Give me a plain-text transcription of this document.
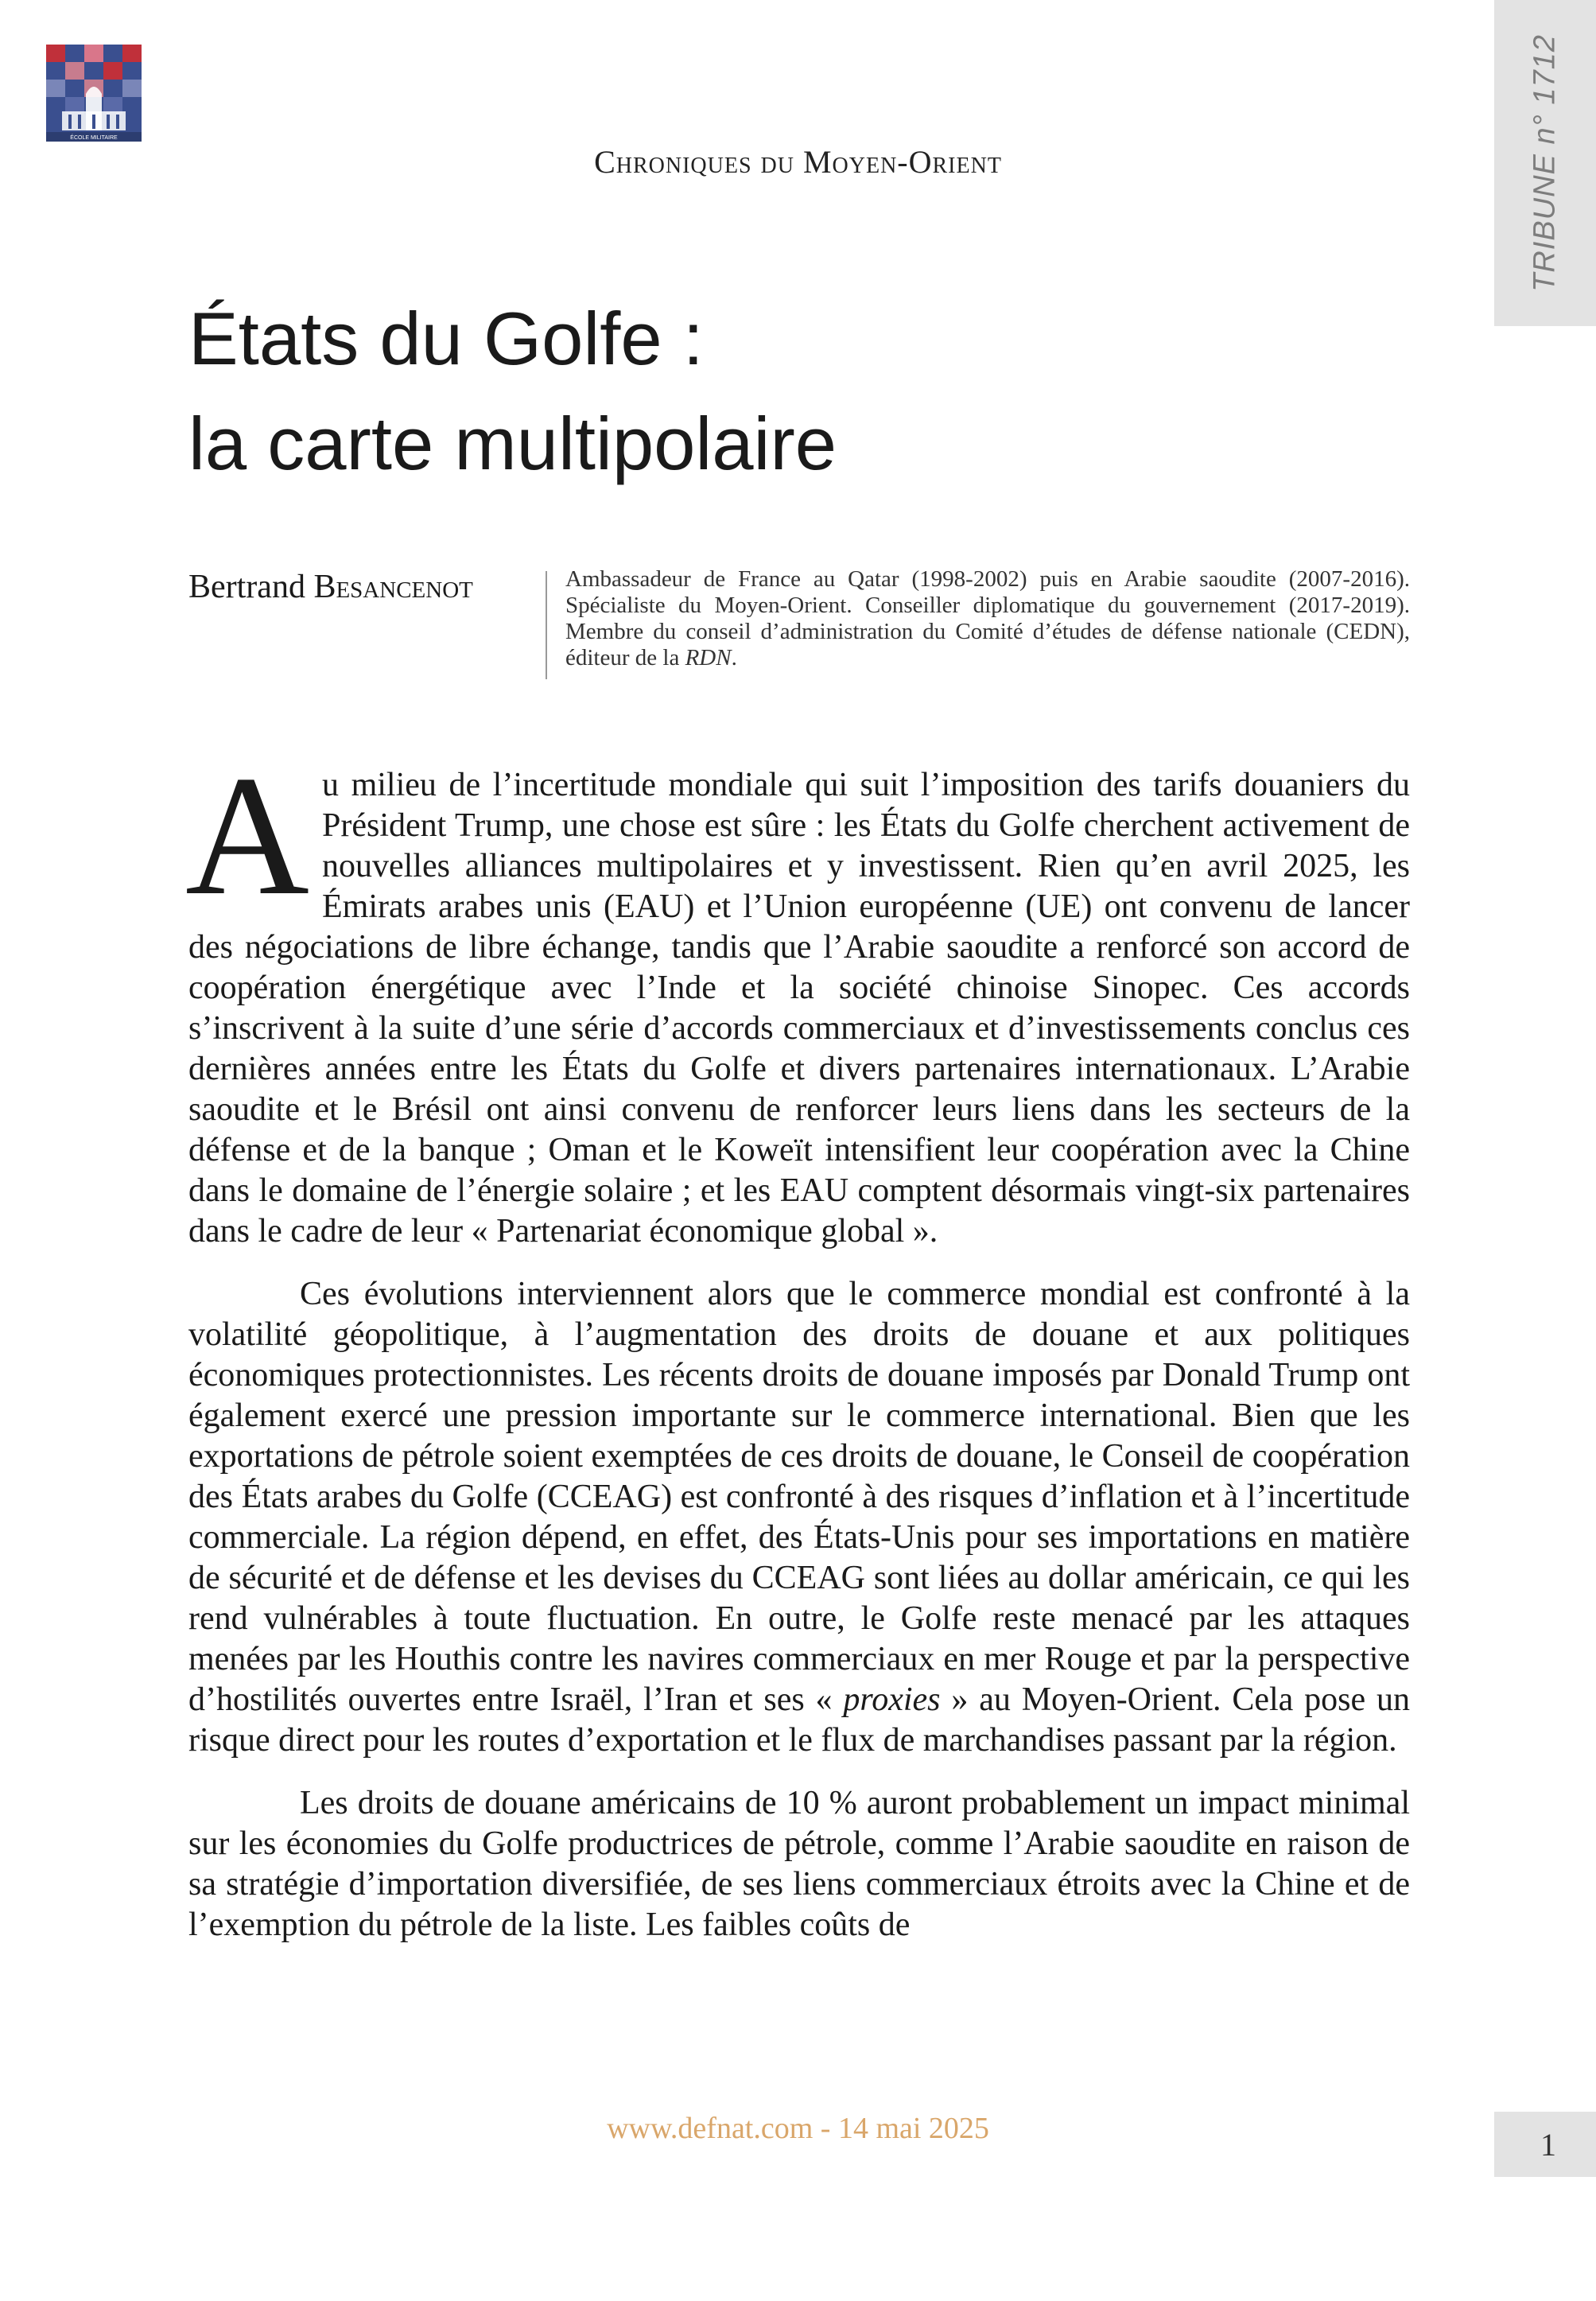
ÉCOLE MILITAIRE	TRIBUNE n° 1712
Chroniques du Moyen-Orient
États du Golfe :
la carte multipolaire
Bertrand Besancenot	Ambassadeur de France au Qatar (1998-2002) puis en Arabie saoudite (2007-2016). Spécialiste du Moyen-Orient. Conseiller diplomatique du gouvernement (2017-2019). Membre du conseil d’administration du Comité d’études de défense nationale (CEDN), éditeur de la RDN.

Au milieu de l’incertitude mondiale qui suit l’imposition des tarifs douaniers du Président Trump, une chose est sûre : les États du Golfe cherchent activement de nouvelles alliances multipolaires et y investissent. Rien qu’en avril 2025, les Émirats arabes unis (EAU) et l’Union européenne (UE) ont convenu de lancer des négociations de libre échange, tandis que l’Arabie saoudite a renforcé son accord de coopération énergétique avec l’Inde et la société chinoise Sinopec. Ces accords s’inscrivent à la suite d’une série d’accords commerciaux et d’investissements conclus ces dernières années entre les États du Golfe et divers partenaires internationaux. L’Arabie saoudite et le Brésil ont ainsi convenu de renforcer leurs liens dans les secteurs de la défense et de la banque ; Oman et le Koweït intensifient leur coopération avec la Chine dans le domaine de l’énergie solaire ; et les EAU comptent désormais vingt-six partenaires dans le cadre de leur « Partenariat économique global ».

Ces évolutions interviennent alors que le commerce mondial est confronté à la volatilité géopolitique, à l’augmentation des droits de douane et aux politiques économiques protectionnistes. Les récents droits de douane imposés par Donald Trump ont également exercé une pression importante sur le commerce international. Bien que les exportations de pétrole soient exemptées de ces droits de douane, le Conseil de coopération des États arabes du Golfe (CCEAG) est confronté à des risques d’inflation et à l’incertitude commerciale. La région dépend, en effet, des États-Unis pour ses importations en matière de sécurité et de défense et les devises du CCEAG sont liées au dollar américain, ce qui les rend vulnérables à toute fluctuation. En outre, le Golfe reste menacé par les attaques menées par les Houthis contre les navires commerciaux en mer Rouge et par la perspective d’hostilités ouvertes entre Israël, l’Iran et ses « proxies » au Moyen-Orient. Cela pose un risque direct pour les routes d’exportation et le flux de marchandises passant par la région.

Les droits de douane américains de 10 % auront probablement un impact minimal sur les économies du Golfe productrices de pétrole, comme l’Arabie saoudite en raison de sa stratégie d’importation diversifiée, de ses liens commerciaux étroits avec la Chine et de l’exemption du pétrole de la liste. Les faibles coûts de

www.defnat.com - 14 mai 2025	1
